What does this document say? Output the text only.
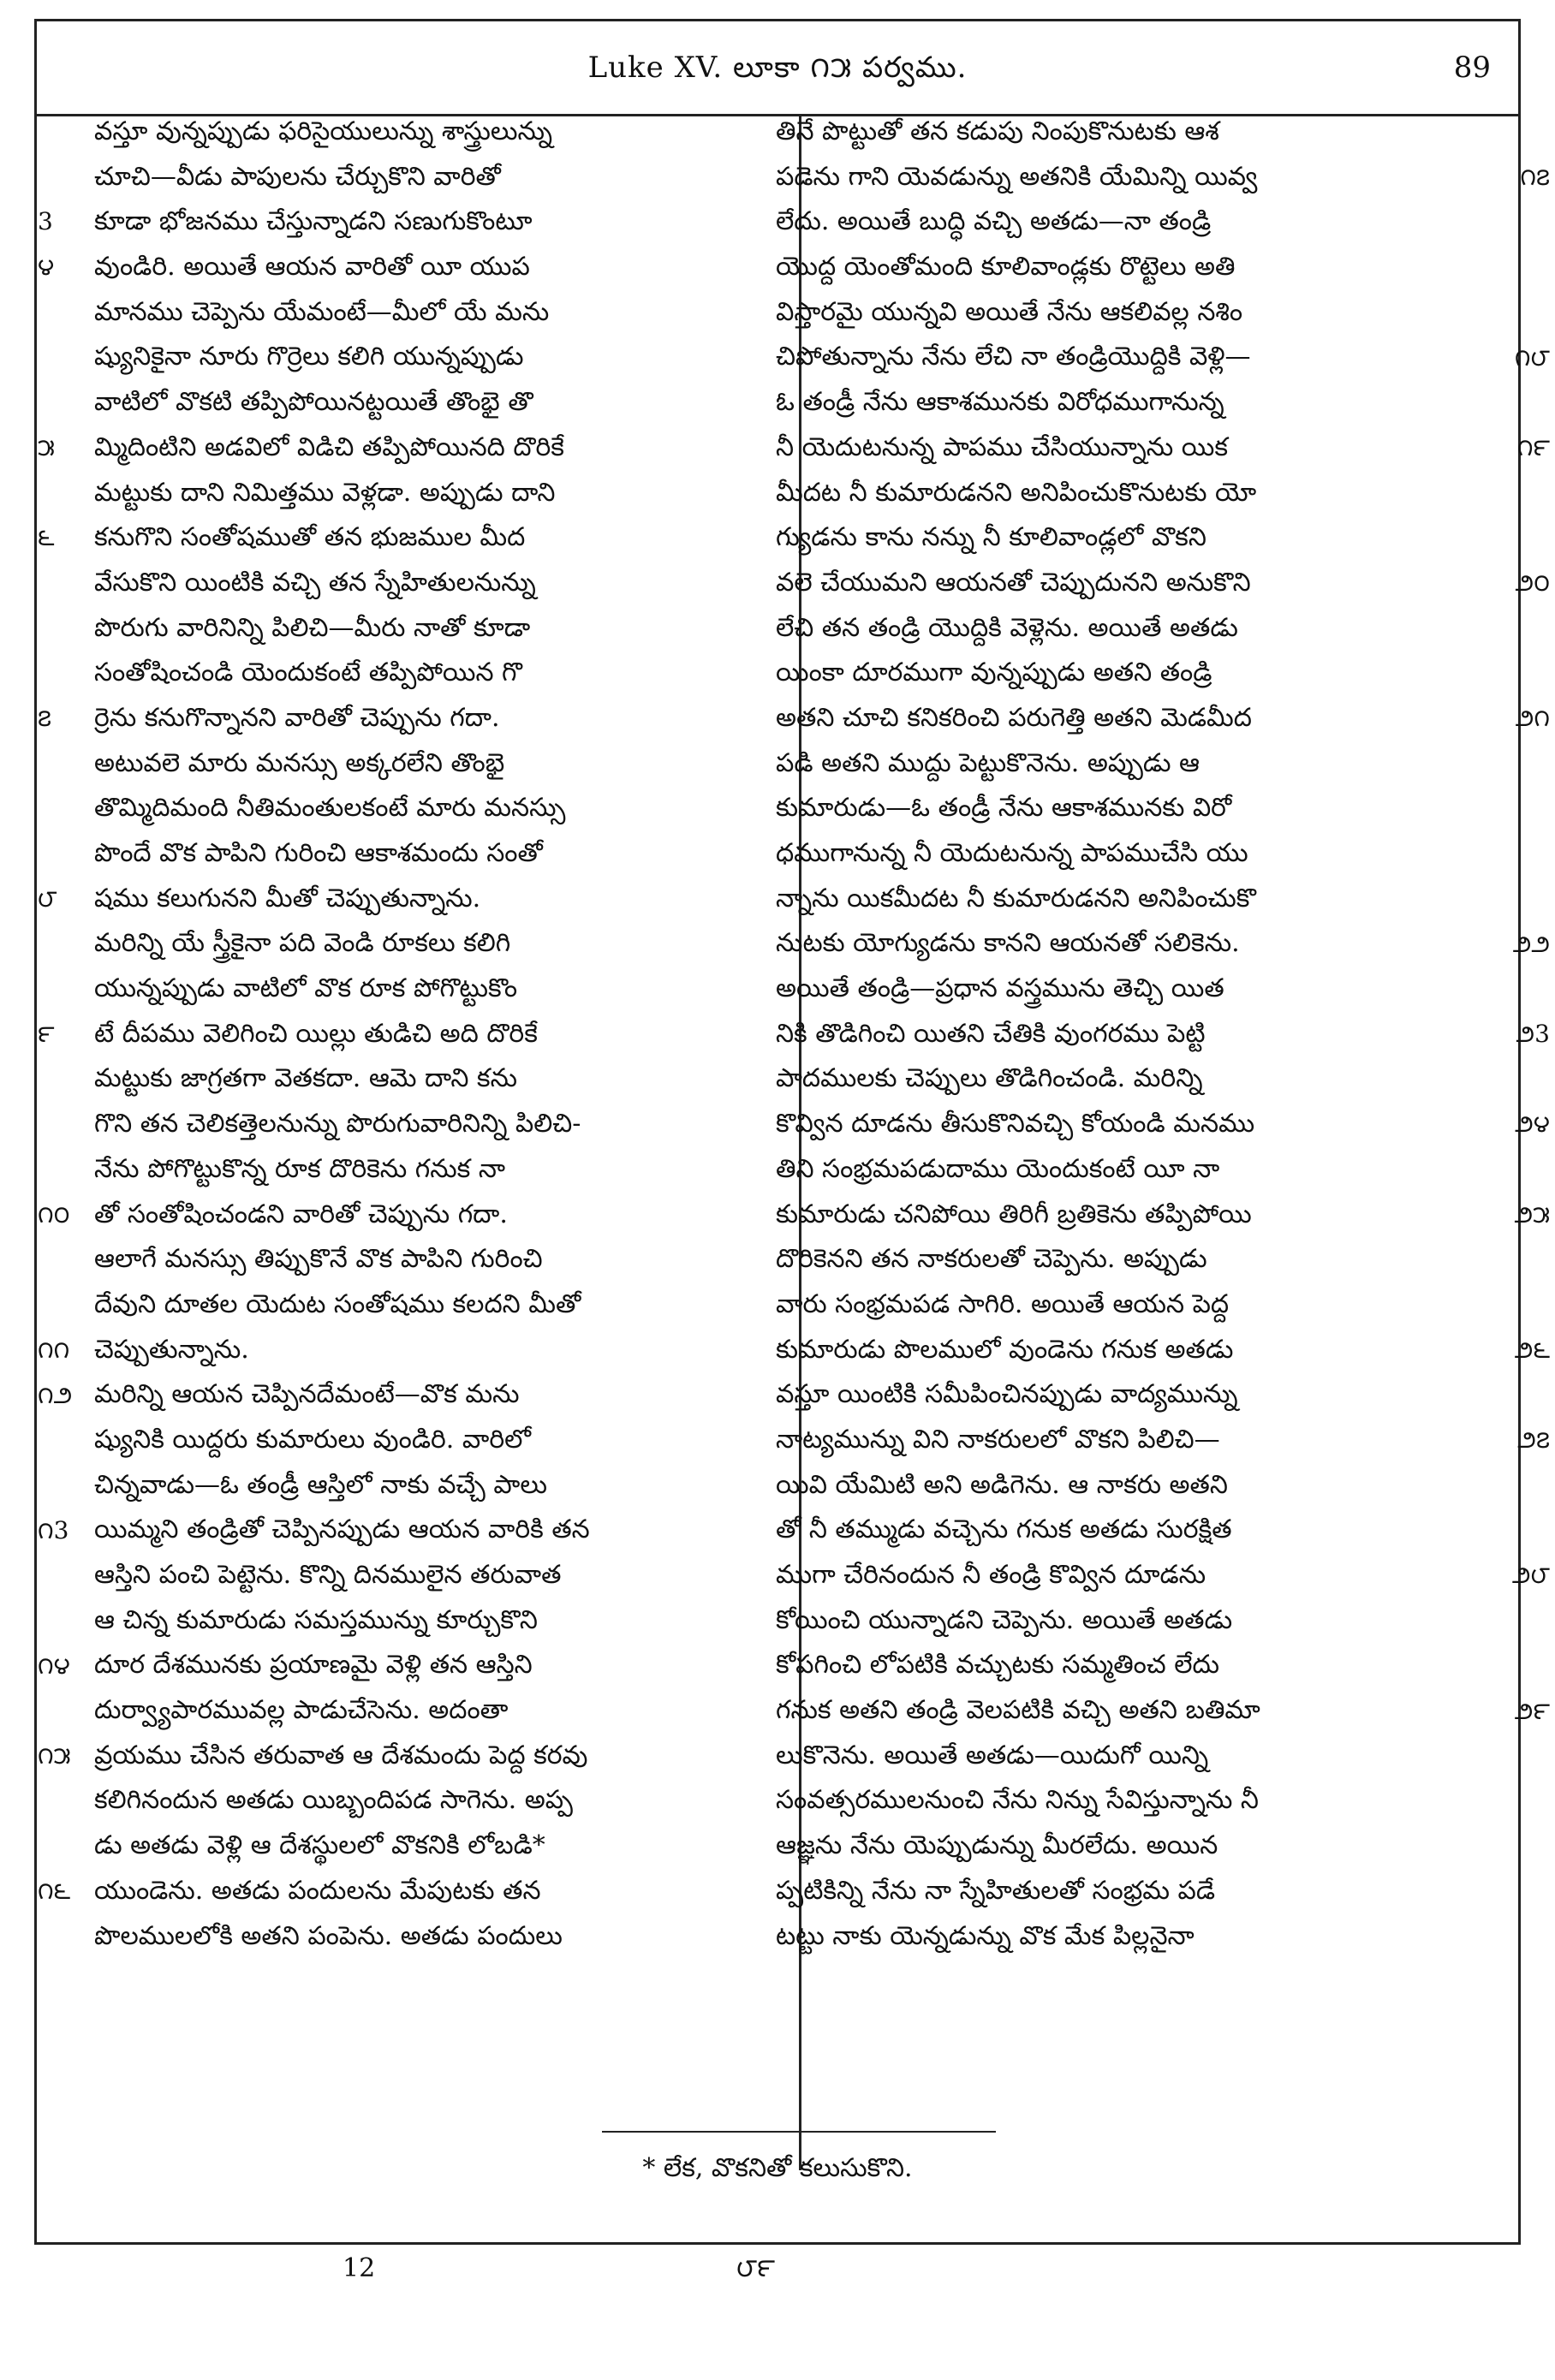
Luke XV. లూకా ౧౫ పర్వము.	89
* లేక, వొకనితో కలుసుకొని.
వస్తూ వున్నప్పుడు ఫరిసైయులున్ను శాస్త్రులున్ను
చూచి—వీడు పాపులను చేర్చుకొని వారితో
కూడా భోజనము చేస్తున్నాడని సణుగుకొంటూ
వుండిరి. అయితే ఆయన వారితో యీ యుప
మానము చెప్పెను యేమంటే—మీలో యే మను
ష్యునికైనా నూరు గొర్రెలు కలిగి యున్నప్పుడు
వాటిలో వొకటి తప్పిపోయినట్టయితే తొంభై తొ
మ్మిదింటిని అడవిలో విడిచి తప్పిపోయినది దొరికే
మట్టుకు దాని నిమిత్తము వెళ్లడా. అప్పుడు దాని
కనుగొని సంతోషముతో తన భుజముల మీద
వేసుకొని యింటికి వచ్చి తన స్నేహితులనున్ను
పొరుగు వారినిన్ని పిలిచి—మీరు నాతో కూడా
సంతోషించండి యెందుకంటే తప్పిపోయిన గొ
ర్రెను కనుగొన్నానని వారితో చెప్పును గదా.
అటువలె మారు మనస్సు అక్కరలేని తొంభై
తొమ్మిదిమంది నీతిమంతులకంటే మారు మనస్సు
పొందే వొక పాపిని గురించి ఆకాశమందు సంతో
షము కలుగునని మీతో చెప్పుతున్నాను.
మరిన్ని యే స్త్రీకైనా పది వెండి రూకలు కలిగి
యున్నప్పుడు వాటిలో వొక రూక పోగొట్టుకొం
టే దీపము వెలిగించి యిల్లు తుడిచి అది దొరికే
మట్టుకు జాగ్రతగా వెతకదా. ఆమె దాని కను
గొని తన చెలికత్తెలనున్ను పొరుగువారినిన్ని పిలిచి-
నేను పోగొట్టుకొన్న రూక దొరికెను గనుక నా
తో సంతోషించండని వారితో చెప్పును గదా.
ఆలాగే మనస్సు తిప్పుకొనే వొక పాపిని గురించి
దేవుని దూతల యెదుట సంతోషము కలదని మీతో
చెప్పుతున్నాను.
మరిన్ని ఆయన చెప్పినదేమంటే—వొక మను
ష్యునికి యిద్దరు కుమారులు వుండిరి. వారిలో
చిన్నవాడు—ఓ తండ్రీ ఆస్తిలో నాకు వచ్చే పాలు
యిమ్మని తండ్రితో చెప్పినప్పుడు ఆయన వారికి తన
ఆస్తిని పంచి పెట్టెను. కొన్ని దినములైన తరువాత
ఆ చిన్న కుమారుడు సమస్తమున్ను కూర్చుకొని
దూర దేశమునకు ప్రయాణమై వెళ్లి తన ఆస్తిని
దుర్వ్యాపారమువల్ల పాడుచేసెను. అదంతా
వ్రయము చేసిన తరువాత ఆ దేశమందు పెద్ద కరవు
కలిగినందున అతడు యిబ్బందిపడ సాగెను. అప్ప
డు అతడు వెళ్లి ఆ దేశస్థులలో వొకనికి లోబడి*
యుండెను. అతడు పందులను మేపుటకు తన
పొలములలోకి అతని పంపెను. అతడు పందులు
తినే పొట్టుతో తన కడుపు నింపుకొనుటకు ఆశ
పడెను గాని యెవడున్ను అతనికి యేమిన్ని యివ్వ
లేదు. అయితే బుద్ధి వచ్చి అతడు—నా తండ్రి
యొద్ద యెంతోమంది కూలివాండ్లకు రొట్టెలు అతి
విస్తారమై యున్నవి అయితే నేను ఆకలివల్ల నశిం
చిపోతున్నాను నేను లేచి నా తండ్రియొద్దికి వెళ్లి—
ఓ తండ్రీ నేను ఆకాశమునకు విరోధముగానున్న
నీ యెదుటనున్న పాపము చేసియున్నాను యిక
మీదట నీ కుమారుడనని అనిపించుకొనుటకు యో
గ్యుడను కాను నన్ను నీ కూలివాండ్లలో వొకని
వలె చేయుమని ఆయనతో చెప్పుదునని అనుకొని
లేచి తన తండ్రి యొద్దికి వెళ్లెను. అయితే అతడు
యింకా దూరముగా వున్నప్పుడు అతని తండ్రి
అతని చూచి కనికరించి పరుగెత్తి అతని మెడమీద
పడి అతని ముద్దు పెట్టుకొనెను. అప్పుడు ఆ
కుమారుడు—ఓ తండ్రీ నేను ఆకాశమునకు విరో
ధముగానున్న నీ యెదుటనున్న పాపముచేసి యు
న్నాను యికమీదట నీ కుమారుడనని అనిపించుకొ
నుటకు యోగ్యుడను కానని ఆయనతో సలికెను.
అయితే తండ్రి—ప్రధాన వస్త్రమును తెచ్చి యిత
నికి తొడిగించి యితని చేతికి వుంగరము పెట్టి
పాదములకు చెప్పులు తొడిగించండి. మరిన్ని
కొవ్విన దూడను తీసుకొనివచ్చి కోయండి మనము
తిని సంభ్రమపడుదాము యెందుకంటే యీ నా
కుమారుడు చనిపోయి తిరిగీ బ్రతికెను తప్పిపోయి
దొరికెనని తన నాకరులతో చెప్పెను. అప్పుడు
వారు సంభ్రమపడ సాగిరి. అయితే ఆయన పెద్ద
కుమారుడు పొలములో వుండెను గనుక అతడు
వస్తూ యింటికి సమీపించినప్పుడు వాద్యమున్ను
నాట్యమున్ను విని నాకరులలో వొకని పిలిచి—
యివి యేమిటి అని అడిగెను. ఆ నాకరు అతని
తో నీ తమ్ముడు వచ్చెను గనుక అతడు సురక్షిత
ముగా చేరినందున నీ తండ్రి కొవ్విన దూడను
కోయించి యున్నాడని చెప్పెను. అయితే అతడు
కోపగించి లోపటికి వచ్చుటకు సమ్మతించ లేదు
గనుక అతని తండ్రి వెలపటికి వచ్చి అతని బతిమా
లుకొనెను. అయితే అతడు—యిదుగో యిన్ని
సంవత్సరములనుంచి నేను నిన్ను సేవిస్తున్నాను నీ
ఆజ్ఞను నేను యెప్పుడున్ను మీరలేదు. అయిన
ప్పటికిన్ని నేను నా స్నేహితులతో సంభ్రమ పడే
టట్టు నాకు యెన్నడున్ను వొక మేక పిల్లనైనా
3
౪
౫
౬
౭
౮
౯
౧౦
౧౧
౧౨
౧3
౧౪
౧౫
౧౬
౧౭
౧౮
౧౯
౨౦
౨౧
౨౨
౨3
౨౪
౨౫
౨౬
౨౭
౨౮
౨౯
12	౮౯
